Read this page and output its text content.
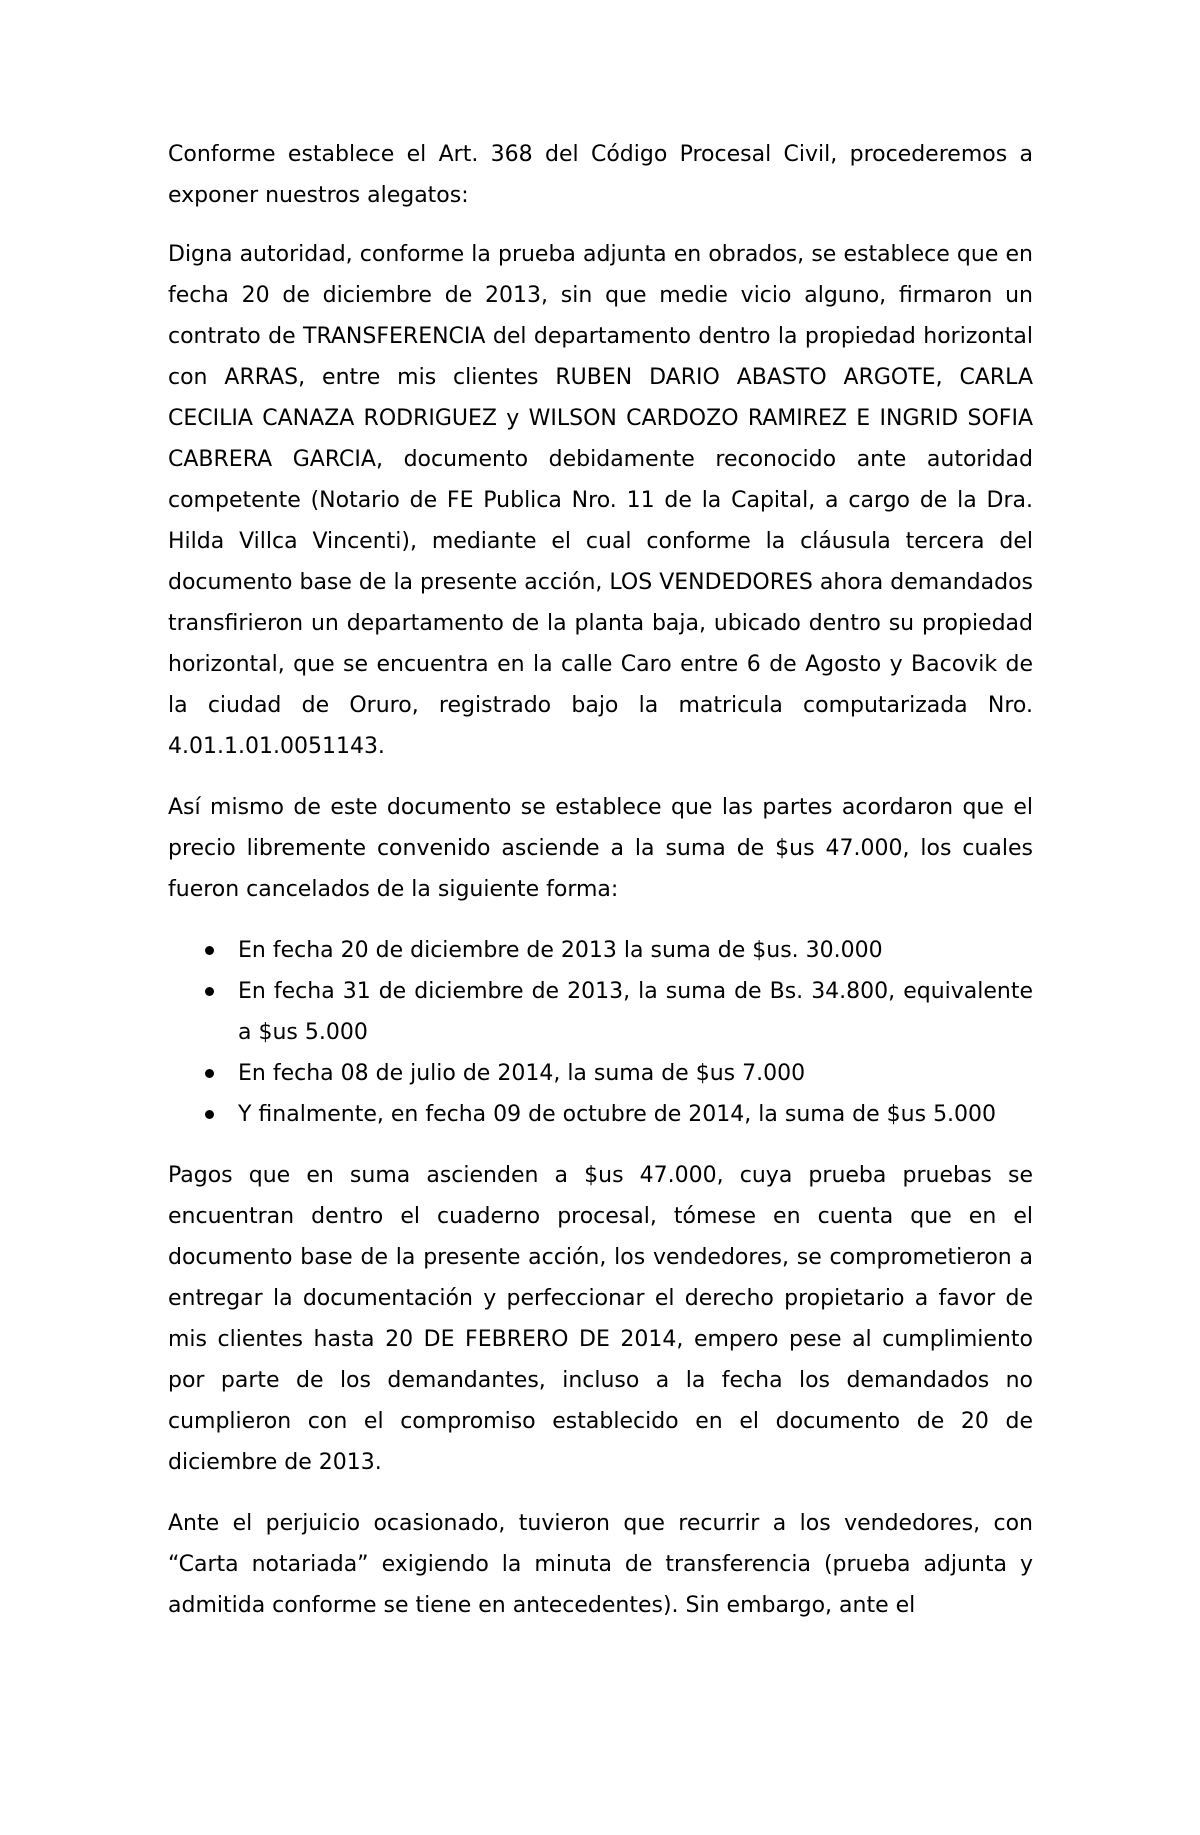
Conforme establece el Art. 368 del Código Procesal Civil, procederemos a exponer nuestros alegatos:

Digna autoridad, conforme la prueba adjunta en obrados, se establece que en fecha 20 de diciembre de 2013, sin que medie vicio alguno, firmaron un contrato de TRANSFERENCIA del departamento dentro la propiedad horizontal con ARRAS, entre mis clientes RUBEN DARIO ABASTO ARGOTE, CARLA CECILIA CANAZA RODRIGUEZ y WILSON CARDOZO RAMIREZ E INGRID SOFIA CABRERA GARCIA, documento debidamente reconocido ante autoridad competente (Notario de FE Publica Nro. 11 de la Capital, a cargo de la Dra. Hilda Villca Vincenti), mediante el cual conforme la cláusula tercera del documento base de la presente acción, LOS VENDEDORES ahora demandados transfirieron un departamento de la planta baja, ubicado dentro su propiedad horizontal, que se encuentra en la calle Caro entre 6 de Agosto y Bacovik de la ciudad de Oruro, registrado bajo la matricula computarizada Nro. 4.01.1.01.0051143.

Así mismo de este documento se establece que las partes acordaron que el precio libremente convenido asciende a la suma de $us 47.000, los cuales fueron cancelados de la siguiente forma:

En fecha 20 de diciembre de 2013 la suma de $us. 30.000
En fecha 31 de diciembre de 2013, la suma de Bs. 34.800, equivalente a $us 5.000
En fecha 08 de julio de 2014, la suma de $us 7.000
Y finalmente, en fecha 09 de octubre de 2014, la suma de $us 5.000

Pagos que en suma ascienden a $us 47.000, cuya prueba pruebas se encuentran dentro el cuaderno procesal, tómese en cuenta que en el documento base de la presente acción, los vendedores, se comprometieron a entregar la documentación y perfeccionar el derecho propietario a favor de mis clientes hasta 20 DE FEBRERO DE 2014, empero pese al cumplimiento por parte de los demandantes, incluso a la fecha los demandados no cumplieron con el compromiso establecido en el documento de 20 de diciembre de 2013.

Ante el perjuicio ocasionado, tuvieron que recurrir a los vendedores, con “Carta notariada” exigiendo la minuta de transferencia (prueba adjunta y admitida conforme se tiene en antecedentes). Sin embargo, ante el
